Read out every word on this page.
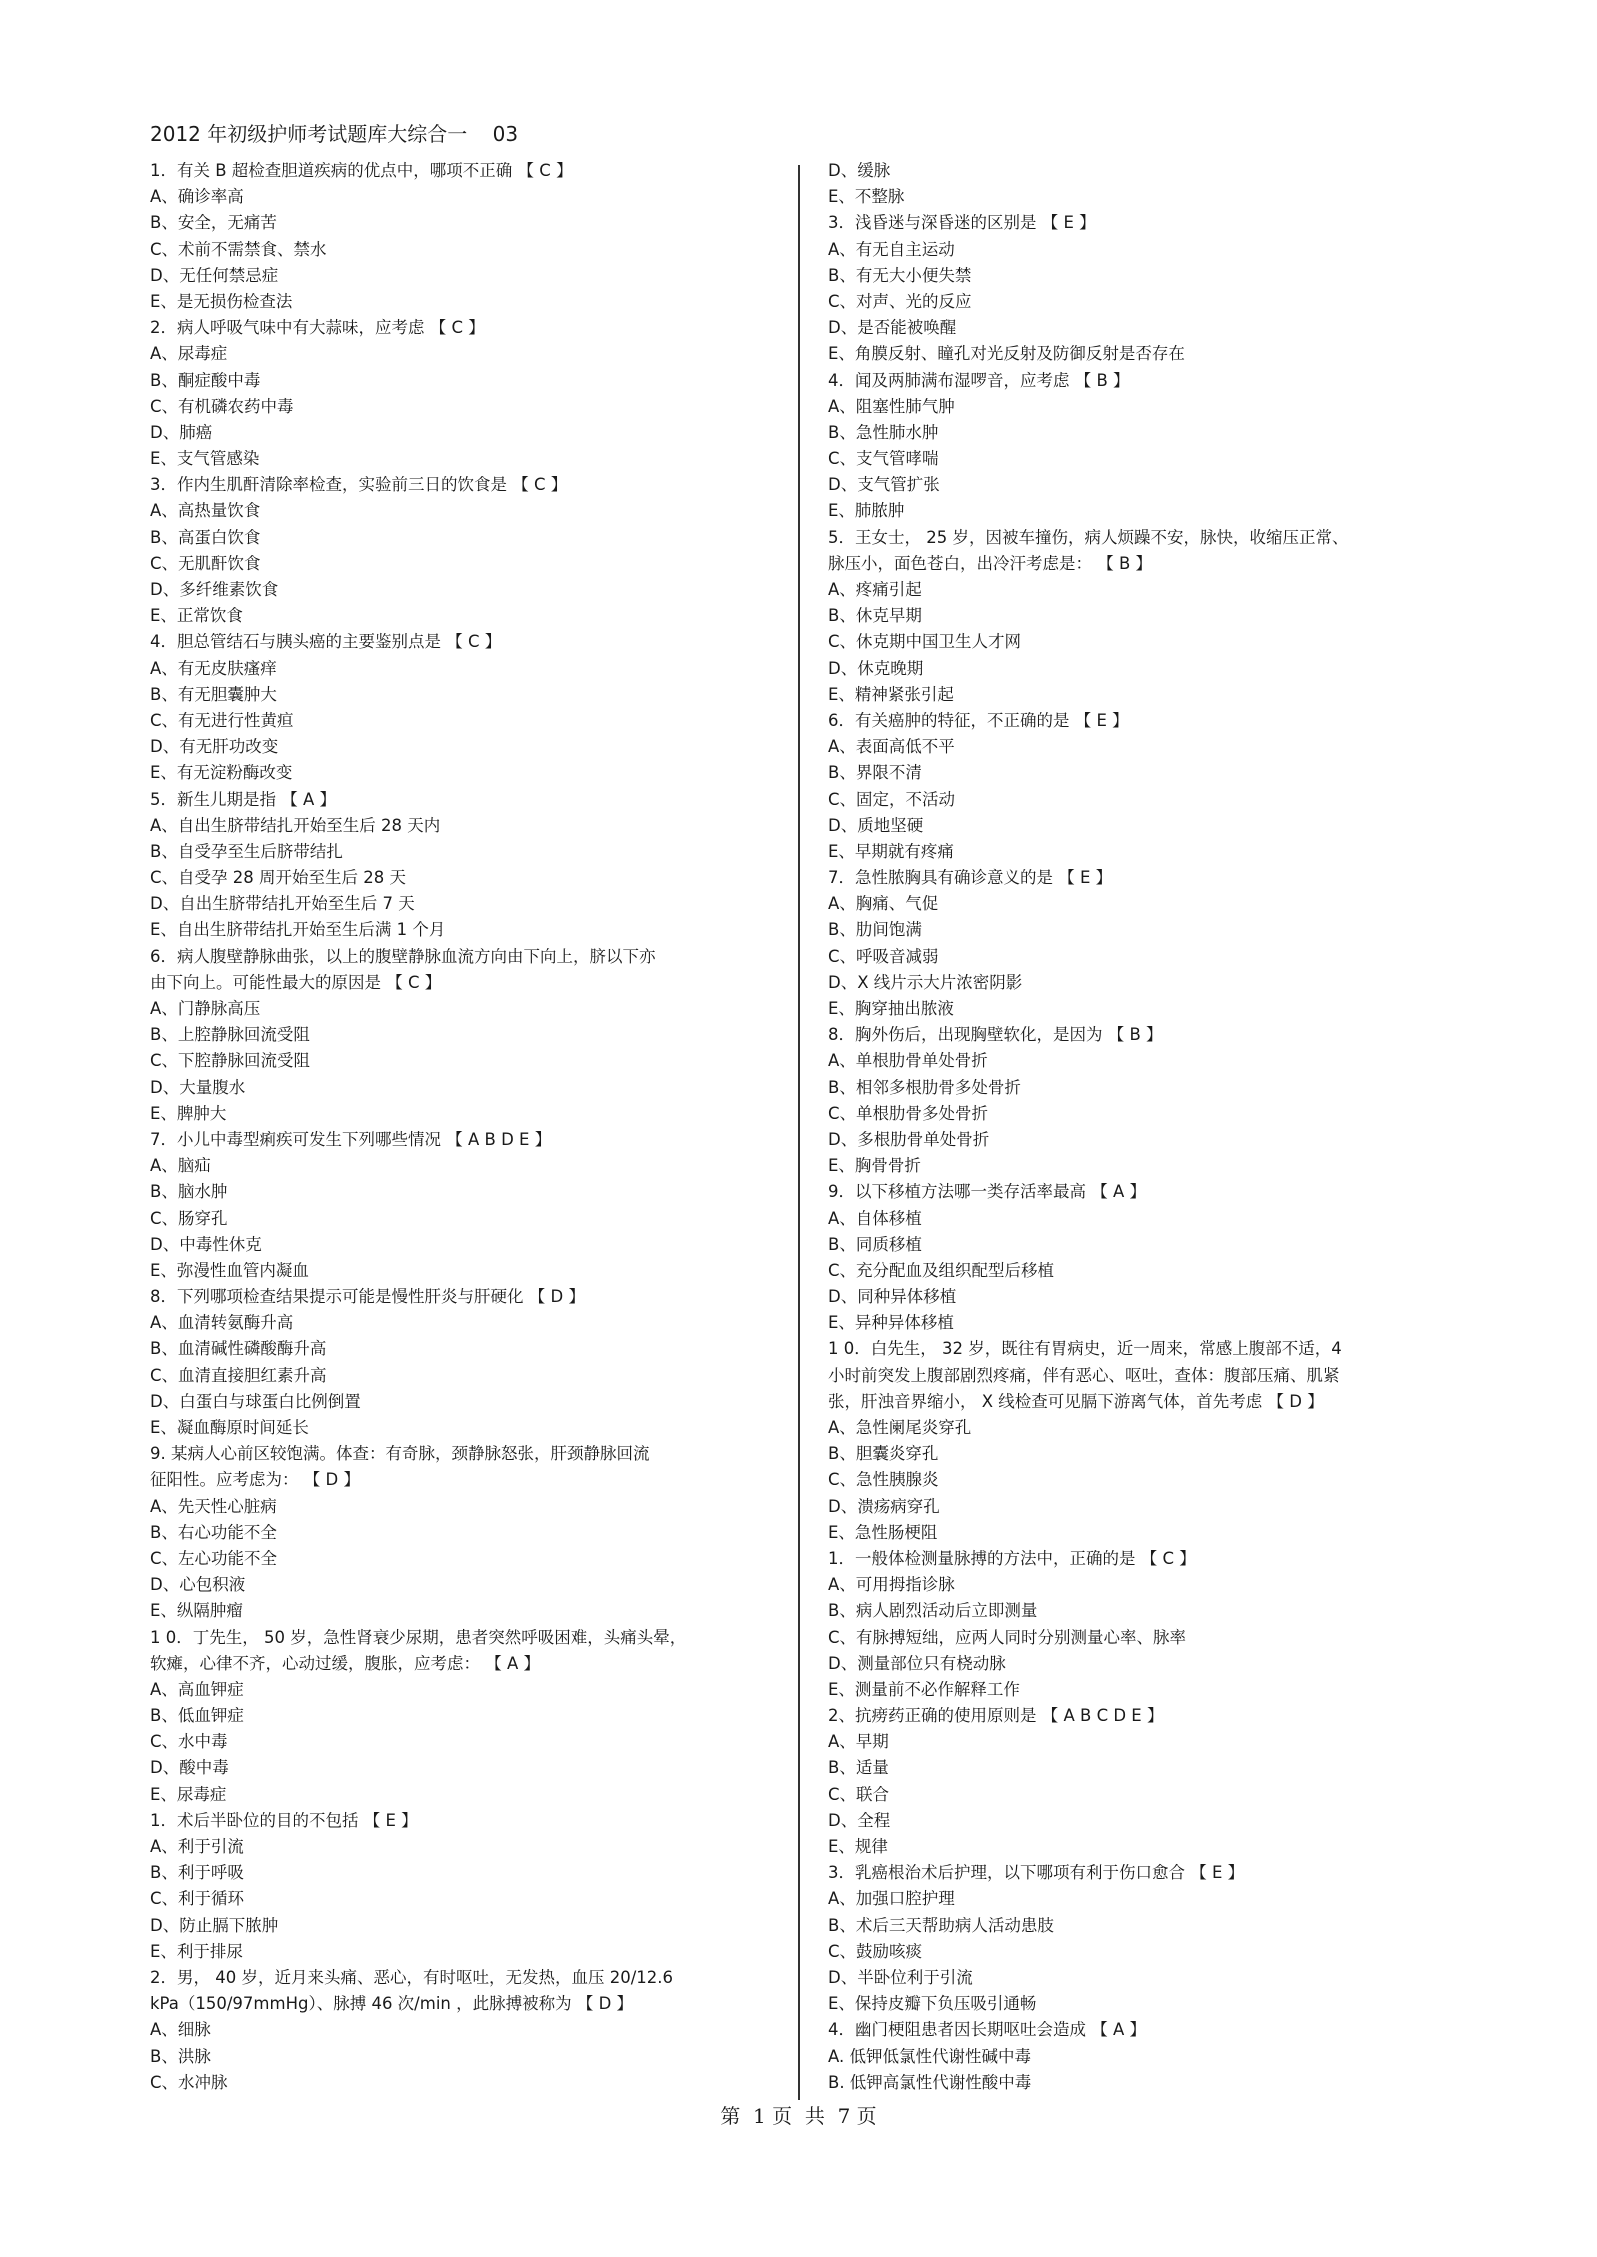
2012 年初级护师考试题库大综合一    03
1．有关 B 超检查胆道疾病的优点中，哪项不正确 【 C 】
A、确诊率高
B、安全，无痛苦
C、术前不需禁食、禁水
D、无任何禁忌症
E、是无损伤检查法
2．病人呼吸气味中有大蒜味，应考虑 【 C 】
A、尿毒症
B、酮症酸中毒
C、有机磷农药中毒
D、肺癌
E、支气管感染
3．作内生肌酐清除率检查，实验前三日的饮食是 【 C 】
A、高热量饮食
B、高蛋白饮食
C、无肌酐饮食
D、多纤维素饮食
E、正常饮食
4．胆总管结石与胰头癌的主要鉴别点是 【 C 】
A、有无皮肤瘙痒
B、有无胆囊肿大
C、有无进行性黄疸
D、有无肝功改变
E、有无淀粉酶改变
5．新生儿期是指 【 A 】
A、自出生脐带结扎开始至生后 28 天内
B、自受孕至生后脐带结扎
C、自受孕 28 周开始至生后 28 天
D、自出生脐带结扎开始至生后 7 天
E、自出生脐带结扎开始至生后满 1 个月
6．病人腹壁静脉曲张，以上的腹壁静脉血流方向由下向上，脐以下亦
由下向上。可能性最大的原因是 【 C 】
A、门静脉高压
B、上腔静脉回流受阻
C、下腔静脉回流受阻
D、大量腹水
E、脾肿大
7．小儿中毒型痢疾可发生下列哪些情况 【 A B D E 】
A、脑疝
B、脑水肿
C、肠穿孔
D、中毒性休克
E、弥漫性血管内凝血
8．下列哪项检查结果提示可能是慢性肝炎与肝硬化 【 D 】
A、血清转氨酶升高
B、血清碱性磷酸酶升高
C、血清直接胆红素升高
D、白蛋白与球蛋白比例倒置
E、凝血酶原时间延长
9. 某病人心前区较饱满。体查：有奇脉，颈静脉怒张，肝颈静脉回流
征阳性。应考虑为： 【 D 】
A、先天性心脏病
B、右心功能不全
C、左心功能不全
D、心包积液
E、纵隔肿瘤
1 0．丁先生， 50 岁，急性肾衰少尿期，患者突然呼吸困难，头痛头晕，
软瘫，心律不齐，心动过缓，腹胀，应考虑： 【 A 】
A、高血钾症
B、低血钾症
C、水中毒
D、酸中毒
E、尿毒症
1．术后半卧位的目的不包括 【 E 】
A、利于引流
B、利于呼吸
C、利于循环
D、防止膈下脓肿
E、利于排尿
2．男， 40 岁，近月来头痛、恶心，有时呕吐，无发热，血压 20/12.6
kPa（150/97mmHg）、脉搏 46 次/min ，此脉搏被称为 【 D 】
A、细脉
B、洪脉
C、水冲脉
D、缓脉
E、不整脉
3．浅昏迷与深昏迷的区别是 【 E 】
A、有无自主运动
B、有无大小便失禁
C、对声、光的反应
D、是否能被唤醒
E、角膜反射、瞳孔对光反射及防御反射是否存在
4．闻及两肺满布湿啰音，应考虑 【 B 】
A、阻塞性肺气肿
B、急性肺水肿
C、支气管哮喘
D、支气管扩张
E、肺脓肿
5．王女士， 25 岁，因被车撞伤，病人烦躁不安，脉快，收缩压正常、
脉压小，面色苍白，出冷汗考虑是： 【 B 】
A、疼痛引起
B、休克早期
C、休克期中国卫生人才网
D、休克晚期
E、精神紧张引起
6．有关癌肿的特征，不正确的是 【 E 】
A、表面高低不平
B、界限不清
C、固定，不活动
D、质地坚硬
E、早期就有疼痛
7．急性脓胸具有确诊意义的是 【 E 】
A、胸痛、气促
B、肋间饱满
C、呼吸音减弱
D、X 线片示大片浓密阴影
E、胸穿抽出脓液
8．胸外伤后，出现胸壁软化，是因为 【 B 】
A、单根肋骨单处骨折
B、相邻多根肋骨多处骨折
C、单根肋骨多处骨折
D、多根肋骨单处骨折
E、胸骨骨折
9．以下移植方法哪一类存活率最高 【 A 】
A、自体移植
B、同质移植
C、充分配血及组织配型后移植
D、同种异体移植
E、异种异体移植
1 0．白先生， 32 岁，既往有胃病史，近一周来，常感上腹部不适，4
小时前突发上腹部剧烈疼痛，伴有恶心、呕吐，查体：腹部压痛、肌紧
张，肝浊音界缩小， X 线检查可见膈下游离气体，首先考虑 【 D 】
A、急性阑尾炎穿孔
B、胆囊炎穿孔
C、急性胰腺炎
D、溃疡病穿孔
E、急性肠梗阻
1．一般体检测量脉搏的方法中，正确的是 【 C 】
A、可用拇指诊脉
B、病人剧烈活动后立即测量
C、有脉搏短绌，应两人同时分别测量心率、脉率
D、测量部位只有桡动脉
E、测量前不必作解释工作
2、抗痨药正确的使用原则是 【 A B C D E 】
A、早期
B、适量
C、联合
D、全程
E、规律
3．乳癌根治术后护理，以下哪项有利于伤口愈合 【 E 】
A、加强口腔护理
B、术后三天帮助病人活动患肢
C、鼓励咳痰
D、半卧位利于引流
E、保持皮瓣下负压吸引通畅
4．幽门梗阻患者因长期呕吐会造成 【 A 】
A. 低钾低氯性代谢性碱中毒
B. 低钾高氯性代谢性酸中毒
第  1 页  共  7 页
